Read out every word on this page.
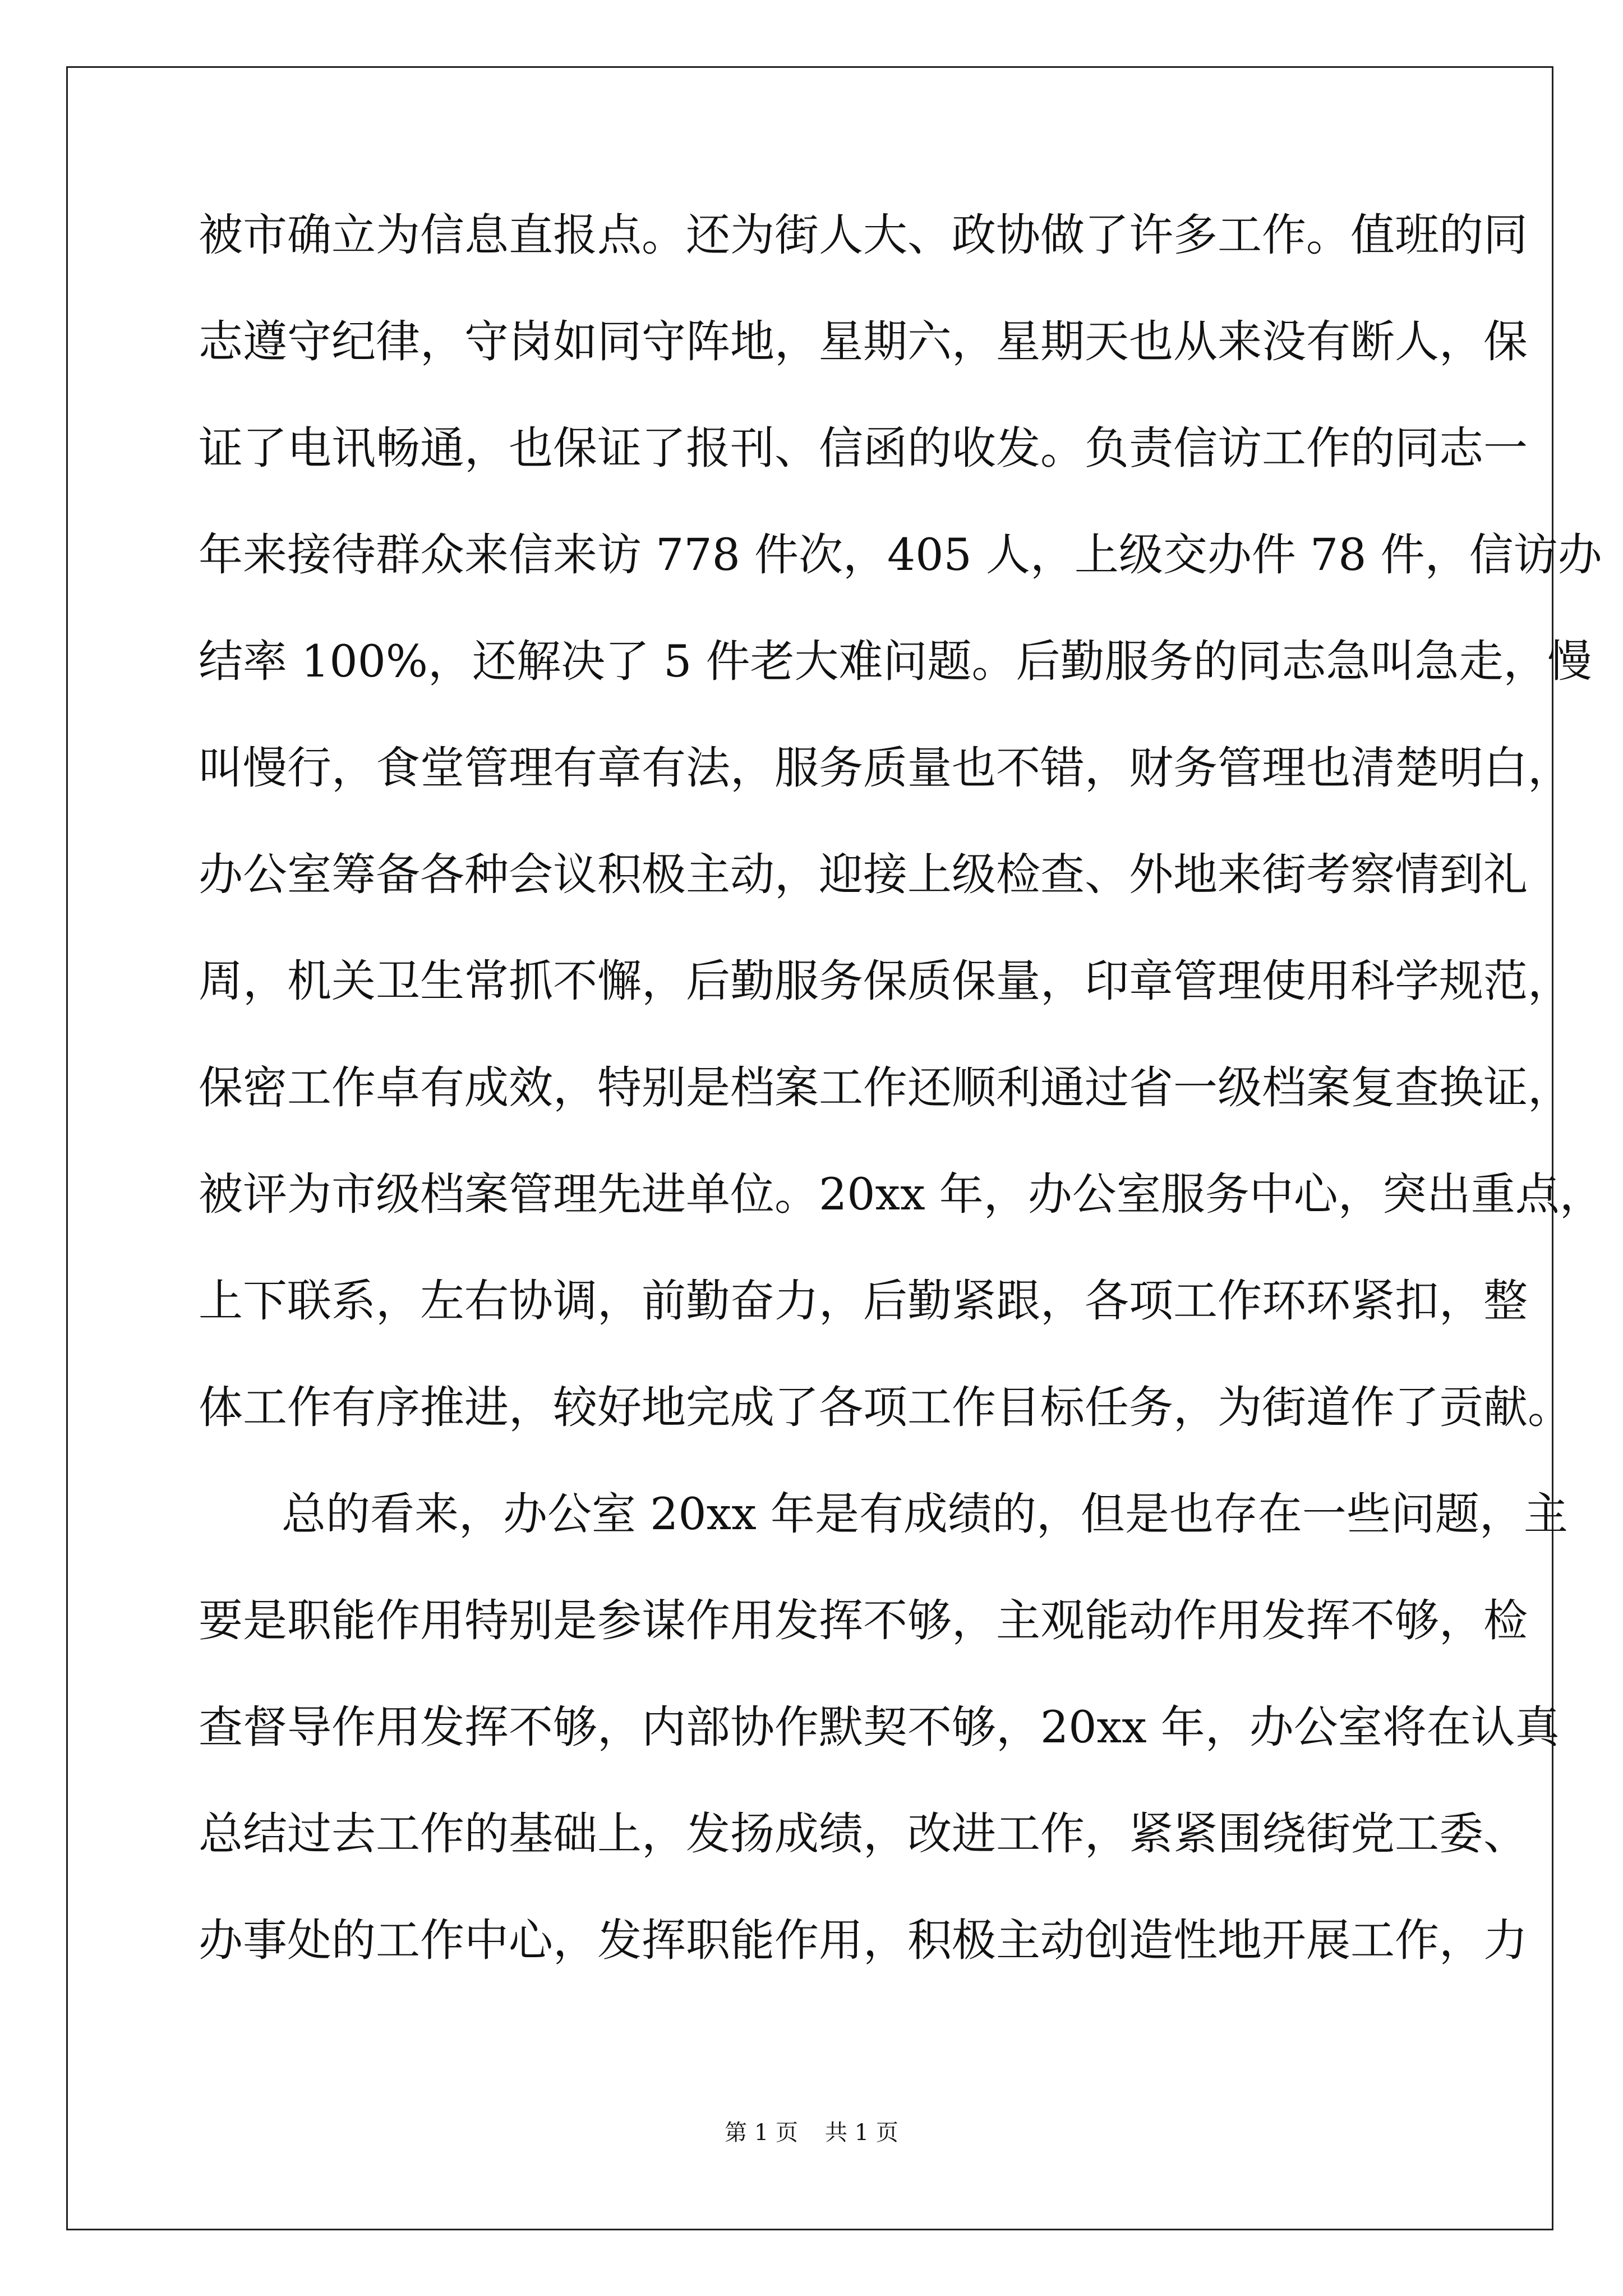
被市确立为信息直报点。还为街人大、政协做了许多工作。值班的同
志遵守纪律，守岗如同守阵地，星期六，星期天也从来没有断人，保
证了电讯畅通，也保证了报刊、信函的收发。负责信访工作的同志一
年来接待群众来信来访 778 件次，405 人，上级交办件 78 件，信访办
结率 100%，还解决了 5 件老大难问题。后勤服务的同志急叫急走，慢
叫慢行，食堂管理有章有法，服务质量也不错，财务管理也清楚明白，
办公室筹备各种会议积极主动，迎接上级检查、外地来街考察情到礼
周，机关卫生常抓不懈，后勤服务保质保量，印章管理使用科学规范，
保密工作卓有成效，特别是档案工作还顺利通过省一级档案复查换证，
被评为市级档案管理先进单位。20xx 年，办公室服务中心，突出重点，
上下联系，左右协调，前勤奋力，后勤紧跟，各项工作环环紧扣，整
体工作有序推进，较好地完成了各项工作目标任务，为街道作了贡献。
总的看来，办公室 20xx 年是有成绩的，但是也存在一些问题，主
要是职能作用特别是参谋作用发挥不够，主观能动作用发挥不够，检
查督导作用发挥不够，内部协作默契不够，20xx 年，办公室将在认真
总结过去工作的基础上，发扬成绩，改进工作，紧紧围绕街党工委、
办事处的工作中心，发挥职能作用，积极主动创造性地开展工作，力
第 1 页 共 1 页
